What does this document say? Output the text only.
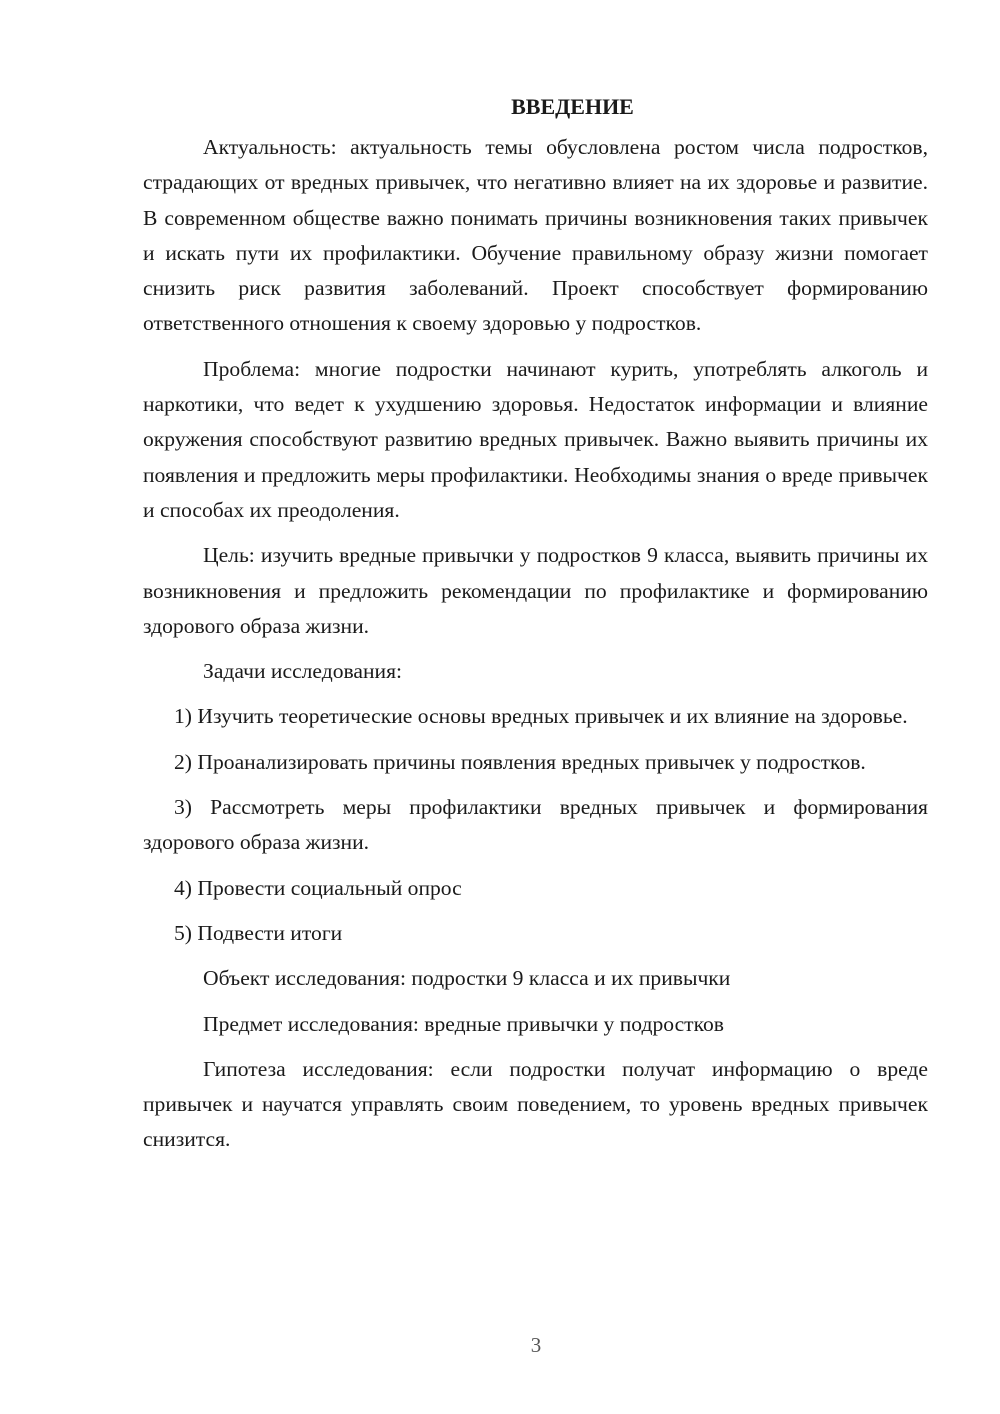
ВВЕДЕНИЕ

Актуальность: актуальность темы обусловлена ростом числа подростков, страдающих от вредных привычек, что негативно влияет на их здоровье и развитие. В современном обществе важно понимать причины возникновения таких привычек и искать пути их профилактики. Обучение правильному образу жизни помогает снизить риск развития заболеваний. Проект способствует формированию ответственного отношения к своему здоровью у подростков.

Проблема: многие подростки начинают курить, употреблять алкоголь и наркотики, что ведет к ухудшению здоровья. Недостаток информации и влияние окружения способствуют развитию вредных привычек. Важно выявить причины их появления и предложить меры профилактики. Необходимы знания о вреде привычек и способах их преодоления.

Цель: изучить вредные привычки у подростков 9 класса, выявить причины их возникновения и предложить рекомендации по профилактике и формированию здорового образа жизни.

Задачи исследования:

1) Изучить теоретические основы вредных привычек и их влияние на здоровье.

2) Проанализировать причины появления вредных привычек у подростков.

3) Рассмотреть меры профилактики вредных привычек и формирования здорового образа жизни.

4) Провести социальный опрос

5) Подвести итоги

Объект исследования: подростки 9 класса и их привычки

Предмет исследования: вредные привычки у подростков

Гипотеза исследования: если подростки получат информацию о вреде привычек и научатся управлять своим поведением, то уровень вредных привычек снизится.

3
